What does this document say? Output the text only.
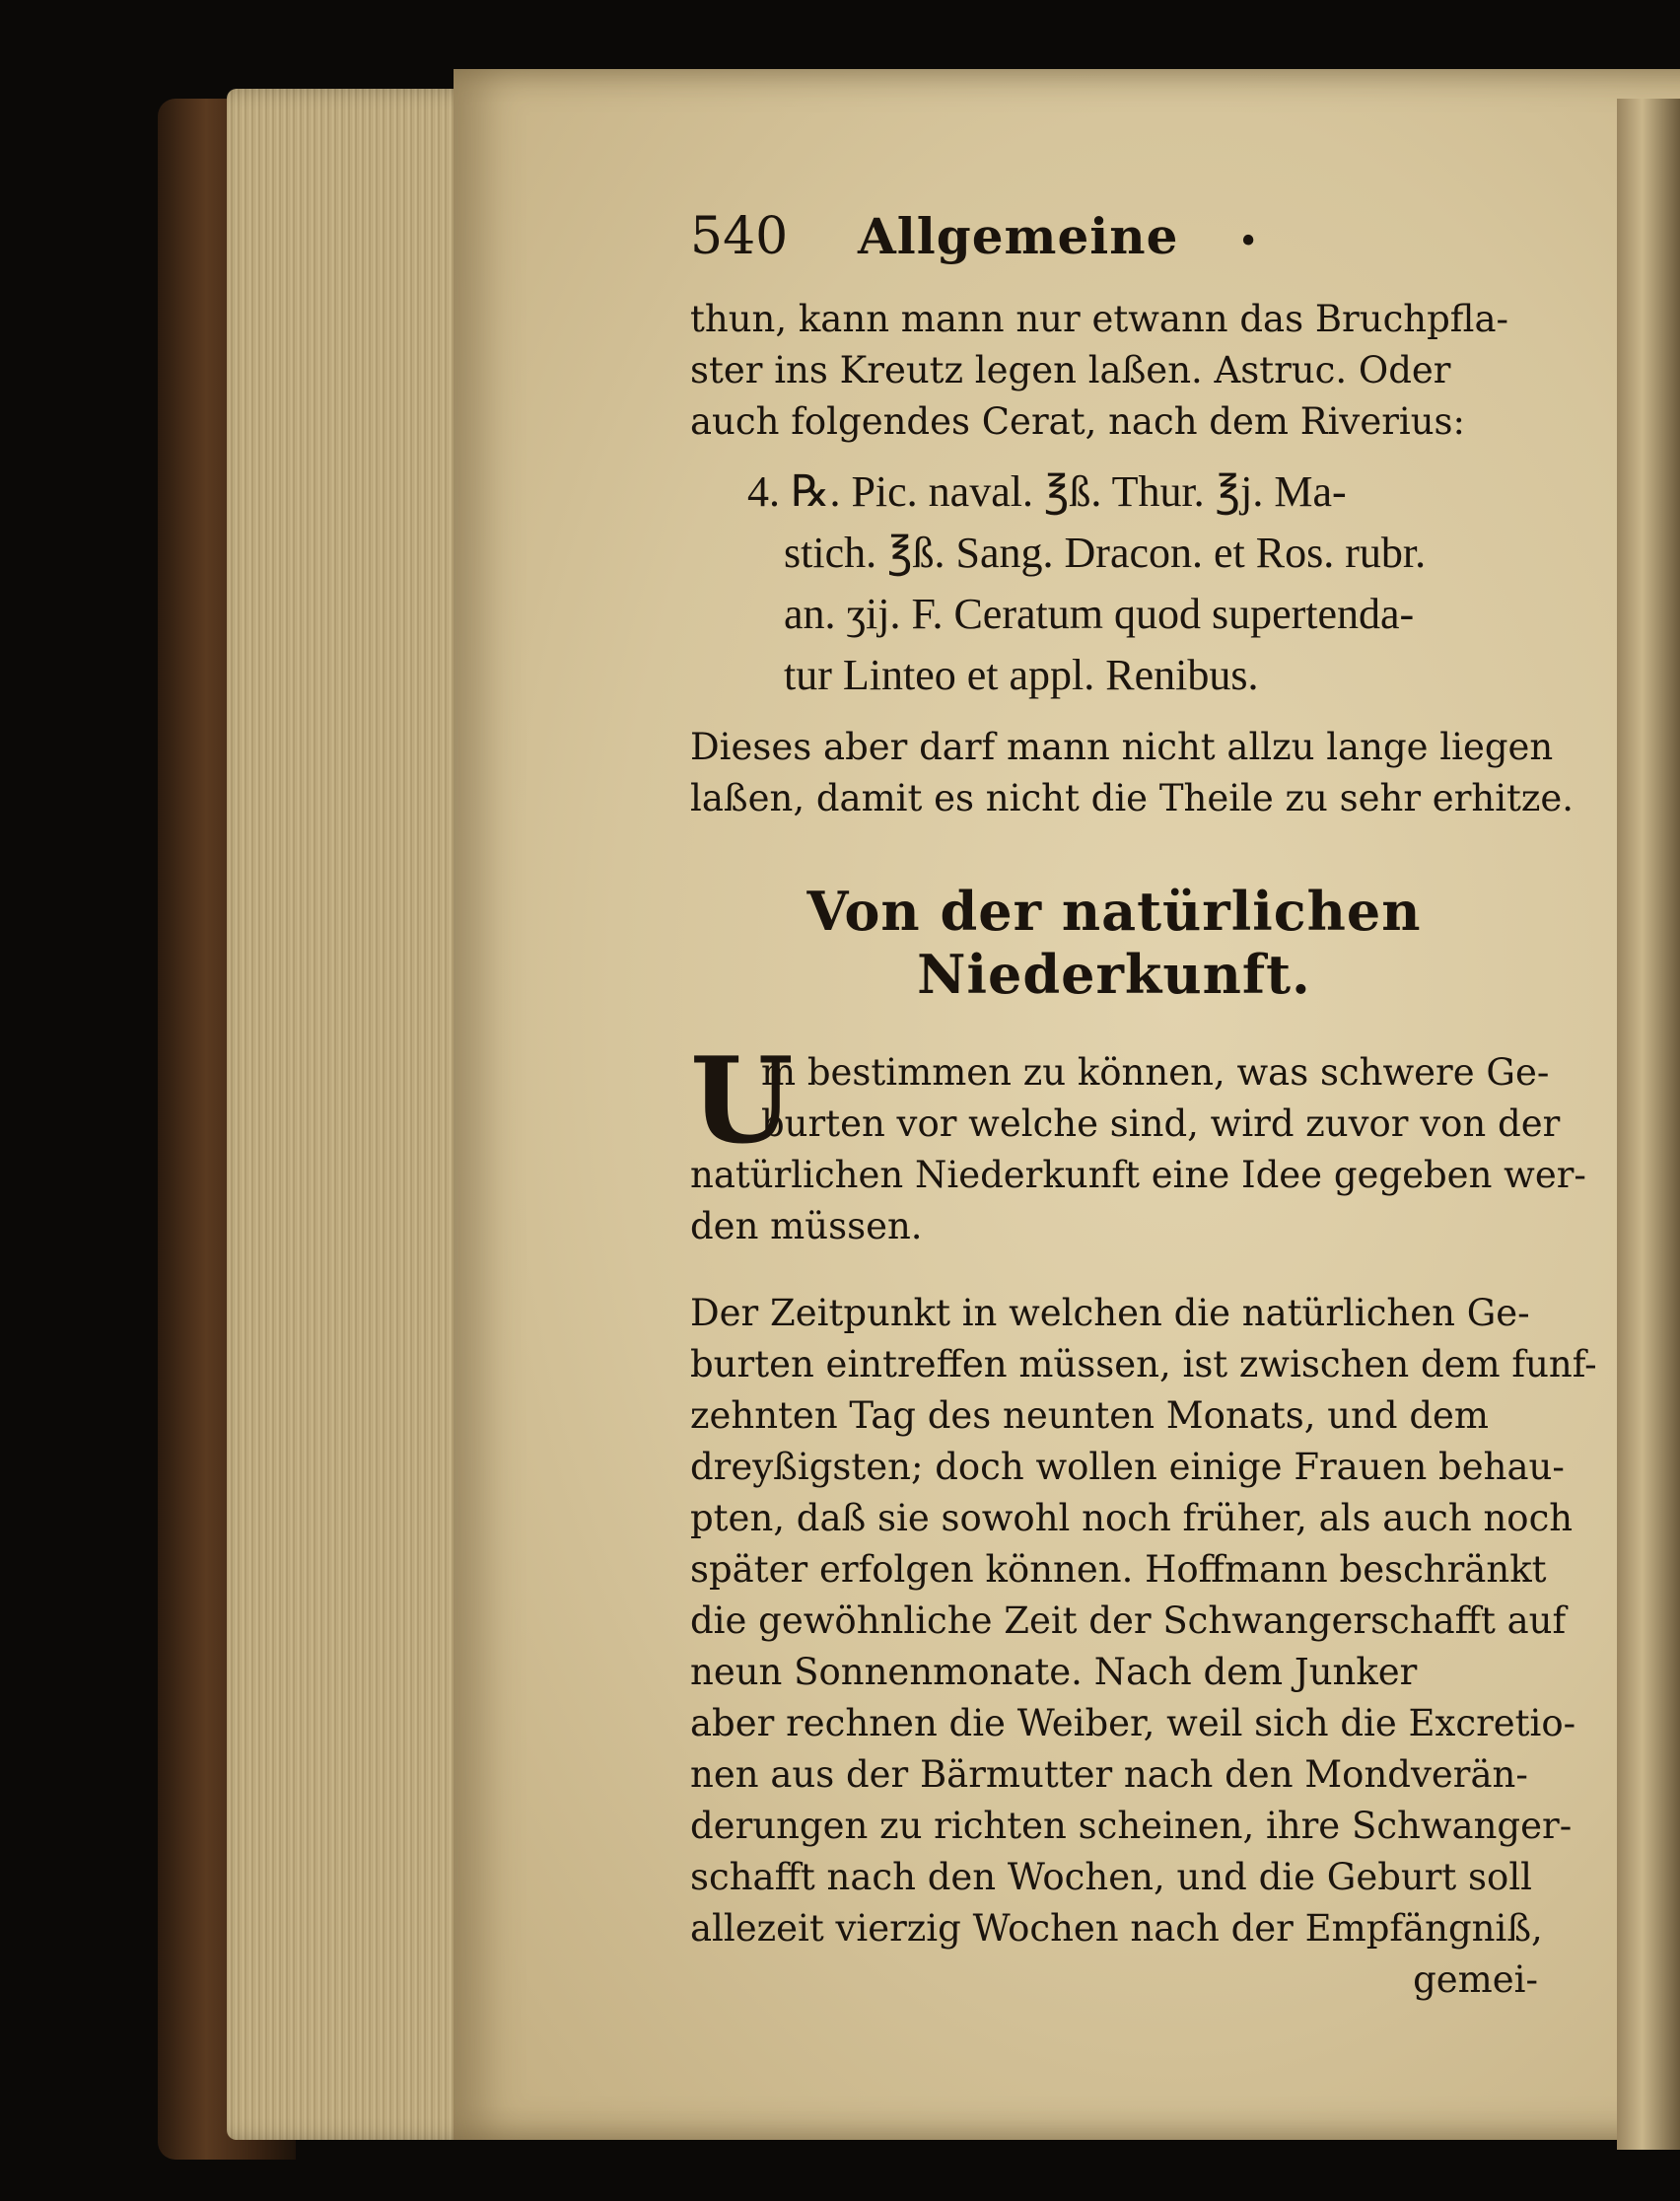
540	Allgemeine •
thun, kann mann nur etwann das Bruchpfla-
ster ins Kreutz legen laßen. Astruc. Oder
auch folgendes Cerat, nach dem Riverius:
4. ℞. Pic. naval. ℥ß. Thur. ℥j. Ma-
stich. ℥ß. Sang. Dracon. et Ros. rubr.
an. ʒij. F. Ceratum quod supertenda-
tur Linteo et appl. Renibus.
Dieses aber darf mann nicht allzu lange liegen
laßen, damit es nicht die Theile zu sehr erhitze.
Von der natürlichen Niederkunft.
U
m bestimmen zu können, was schwere Ge-
burten vor welche sind, wird zuvor von der
natürlichen Niederkunft eine Idee gegeben wer-
den müssen.
Der Zeitpunkt in welchen die natürlichen Ge-
burten eintreffen müssen, ist zwischen dem funf-
zehnten Tag des neunten Monats, und dem
dreyßigsten; doch wollen einige Frauen behau-
pten, daß sie sowohl noch früher, als auch noch
später erfolgen können. Hoffmann beschränkt
die gewöhnliche Zeit der Schwangerschafft auf
neun Sonnenmonate. Nach dem Junker
aber rechnen die Weiber, weil sich die Excretio-
nen aus der Bärmutter nach den Mondverän-
derungen zu richten scheinen, ihre Schwanger-
schafft nach den Wochen, und die Geburt soll
allezeit vierzig Wochen nach der Empfängniß,
gemei-
